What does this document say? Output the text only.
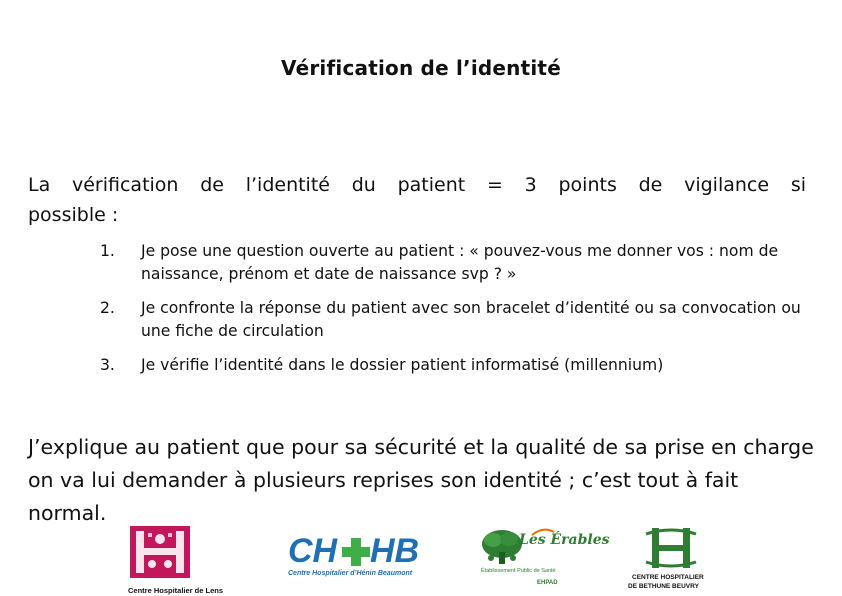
Vérification de l’identité
La vérification de l’identité du patient = 3 points de vigilance si
possible :
1. Je pose une question ouverte au patient : « pouvez-vous me donner vos : nom de naissance, prénom et date de naissance svp ? »
2. Je confronte la réponse du patient avec son bracelet d’identité ou sa convocation ou une fiche de circulation
3. Je vérifie l’identité dans le dossier patient informatisé (millennium)
J’explique au patient que pour sa sécurité et la qualité de sa prise en charge on va lui demander à plusieurs reprises son identité ; c’est tout à fait normal.
Centre Hospitalier de Lens
CH HB
Centre Hospitalier d’Hénin Beaumont
Les Érables
Établissement Public de Santé
EHPAD
CENTRE HOSPITALIER
DE BETHUNE BEUVRY
